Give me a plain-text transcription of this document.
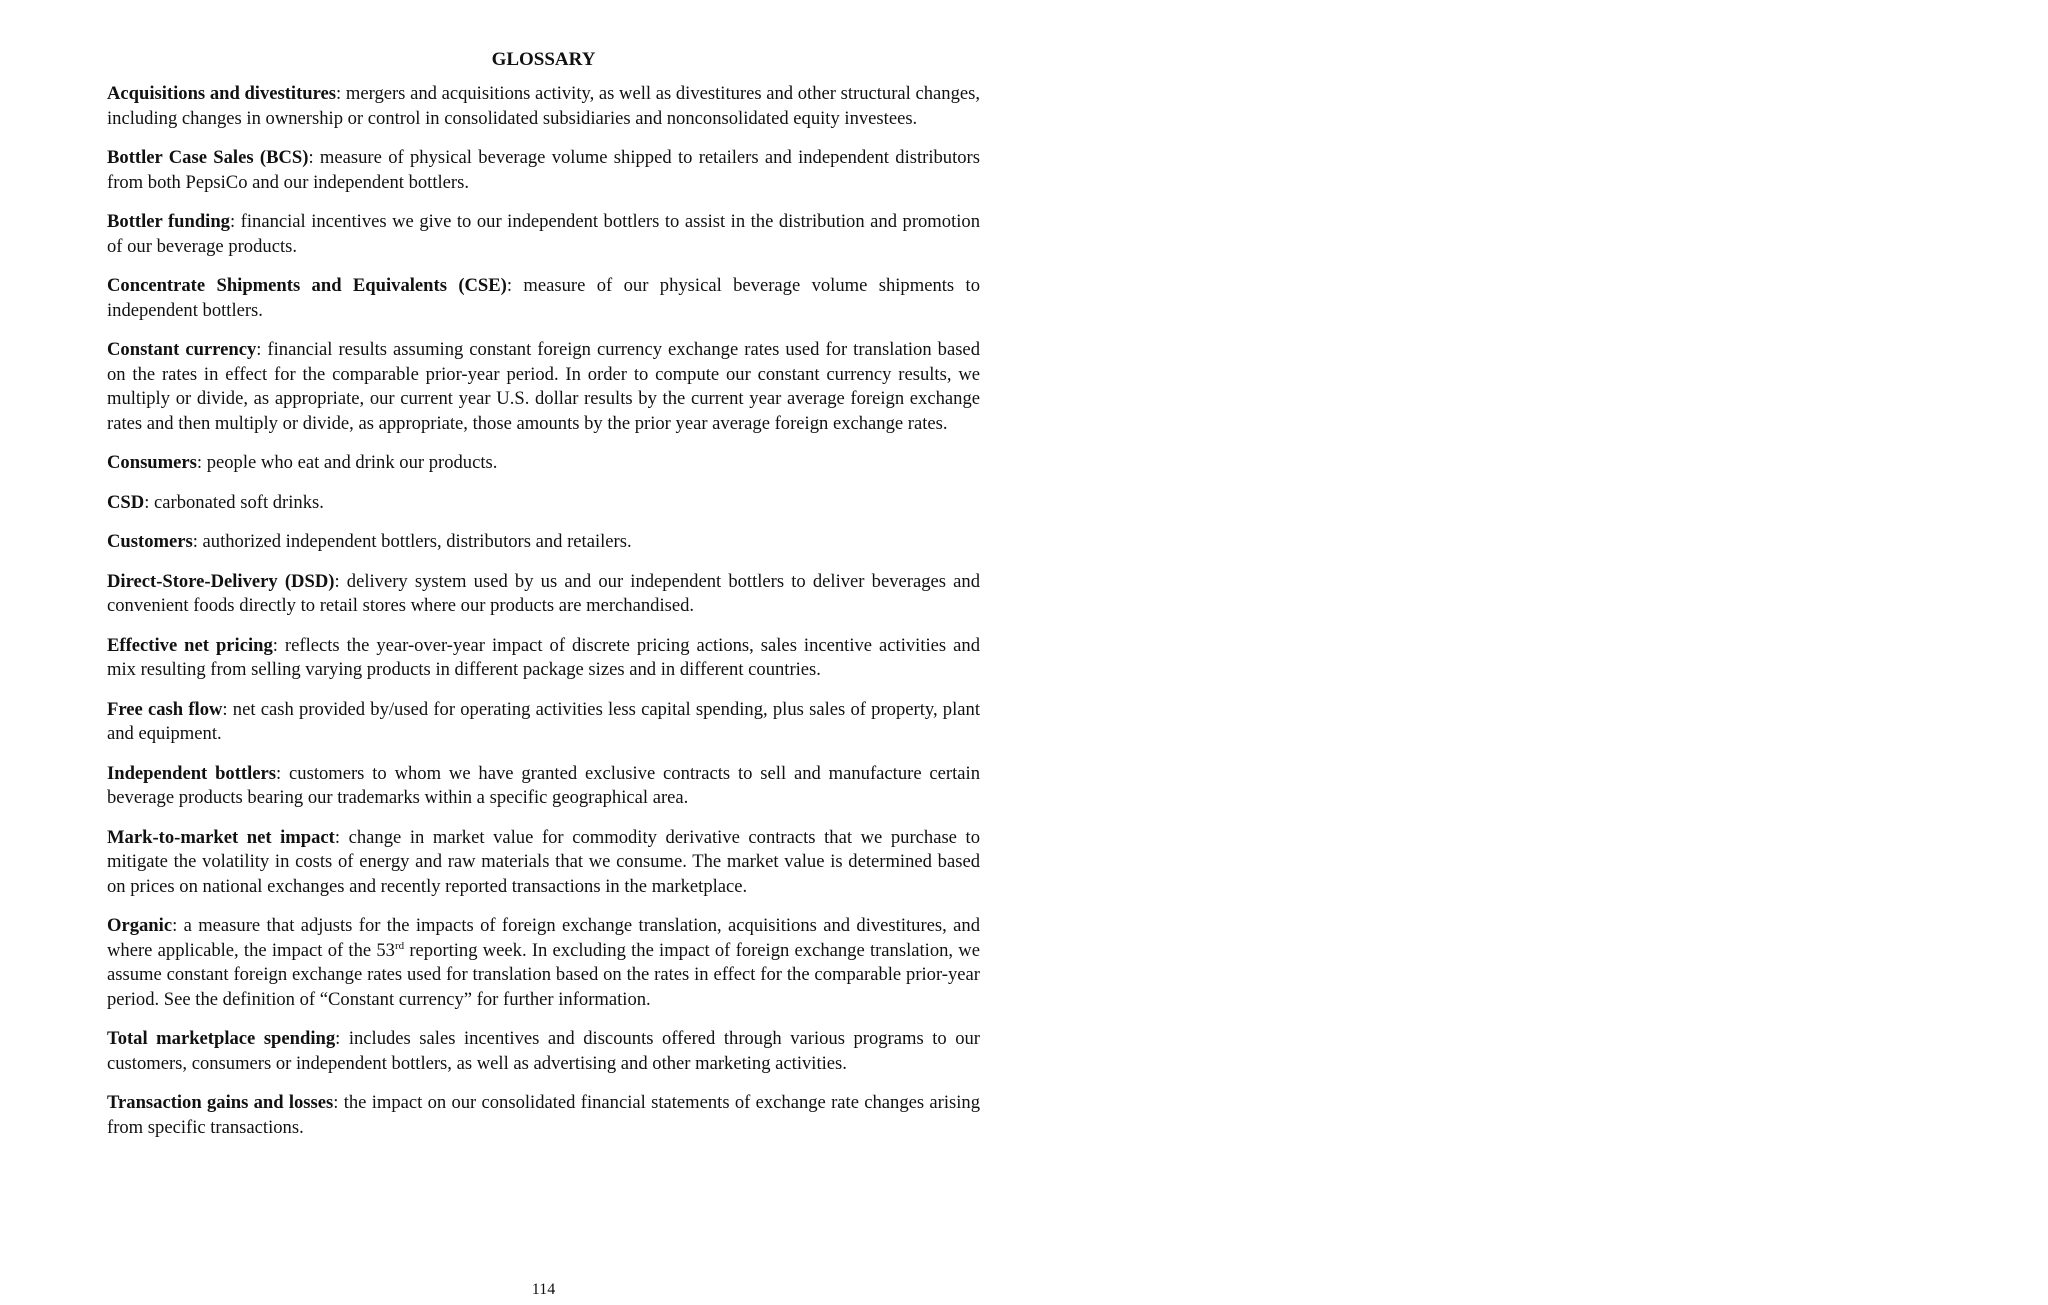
GLOSSARY

Acquisitions and divestitures: mergers and acquisitions activity, as well as divestitures and other structural changes, including changes in ownership or control in consolidated subsidiaries and nonconsolidated equity investees.

Bottler Case Sales (BCS): measure of physical beverage volume shipped to retailers and independent distributors from both PepsiCo and our independent bottlers.

Bottler funding: financial incentives we give to our independent bottlers to assist in the distribution and promotion of our beverage products.

Concentrate Shipments and Equivalents (CSE): measure of our physical beverage volume shipments to independent bottlers.

Constant currency: financial results assuming constant foreign currency exchange rates used for translation based on the rates in effect for the comparable prior-year period. In order to compute our constant currency results, we multiply or divide, as appropriate, our current year U.S. dollar results by the current year average foreign exchange rates and then multiply or divide, as appropriate, those amounts by the prior year average foreign exchange rates.

Consumers: people who eat and drink our products.

CSD: carbonated soft drinks.

Customers: authorized independent bottlers, distributors and retailers.

Direct-Store-Delivery (DSD): delivery system used by us and our independent bottlers to deliver beverages and convenient foods directly to retail stores where our products are merchandised.

Effective net pricing: reflects the year-over-year impact of discrete pricing actions, sales incentive activities and mix resulting from selling varying products in different package sizes and in different countries.

Free cash flow: net cash provided by/used for operating activities less capital spending, plus sales of property, plant and equipment.

Independent bottlers: customers to whom we have granted exclusive contracts to sell and manufacture certain beverage products bearing our trademarks within a specific geographical area.

Mark-to-market net impact: change in market value for commodity derivative contracts that we purchase to mitigate the volatility in costs of energy and raw materials that we consume. The market value is determined based on prices on national exchanges and recently reported transactions in the marketplace.

Organic: a measure that adjusts for the impacts of foreign exchange translation, acquisitions and divestitures, and where applicable, the impact of the 53rd reporting week. In excluding the impact of foreign exchange translation, we assume constant foreign exchange rates used for translation based on the rates in effect for the comparable prior-year period. See the definition of “Constant currency” for further information.

Total marketplace spending: includes sales incentives and discounts offered through various programs to our customers, consumers or independent bottlers, as well as advertising and other marketing activities.

Transaction gains and losses: the impact on our consolidated financial statements of exchange rate changes arising from specific transactions.

114
